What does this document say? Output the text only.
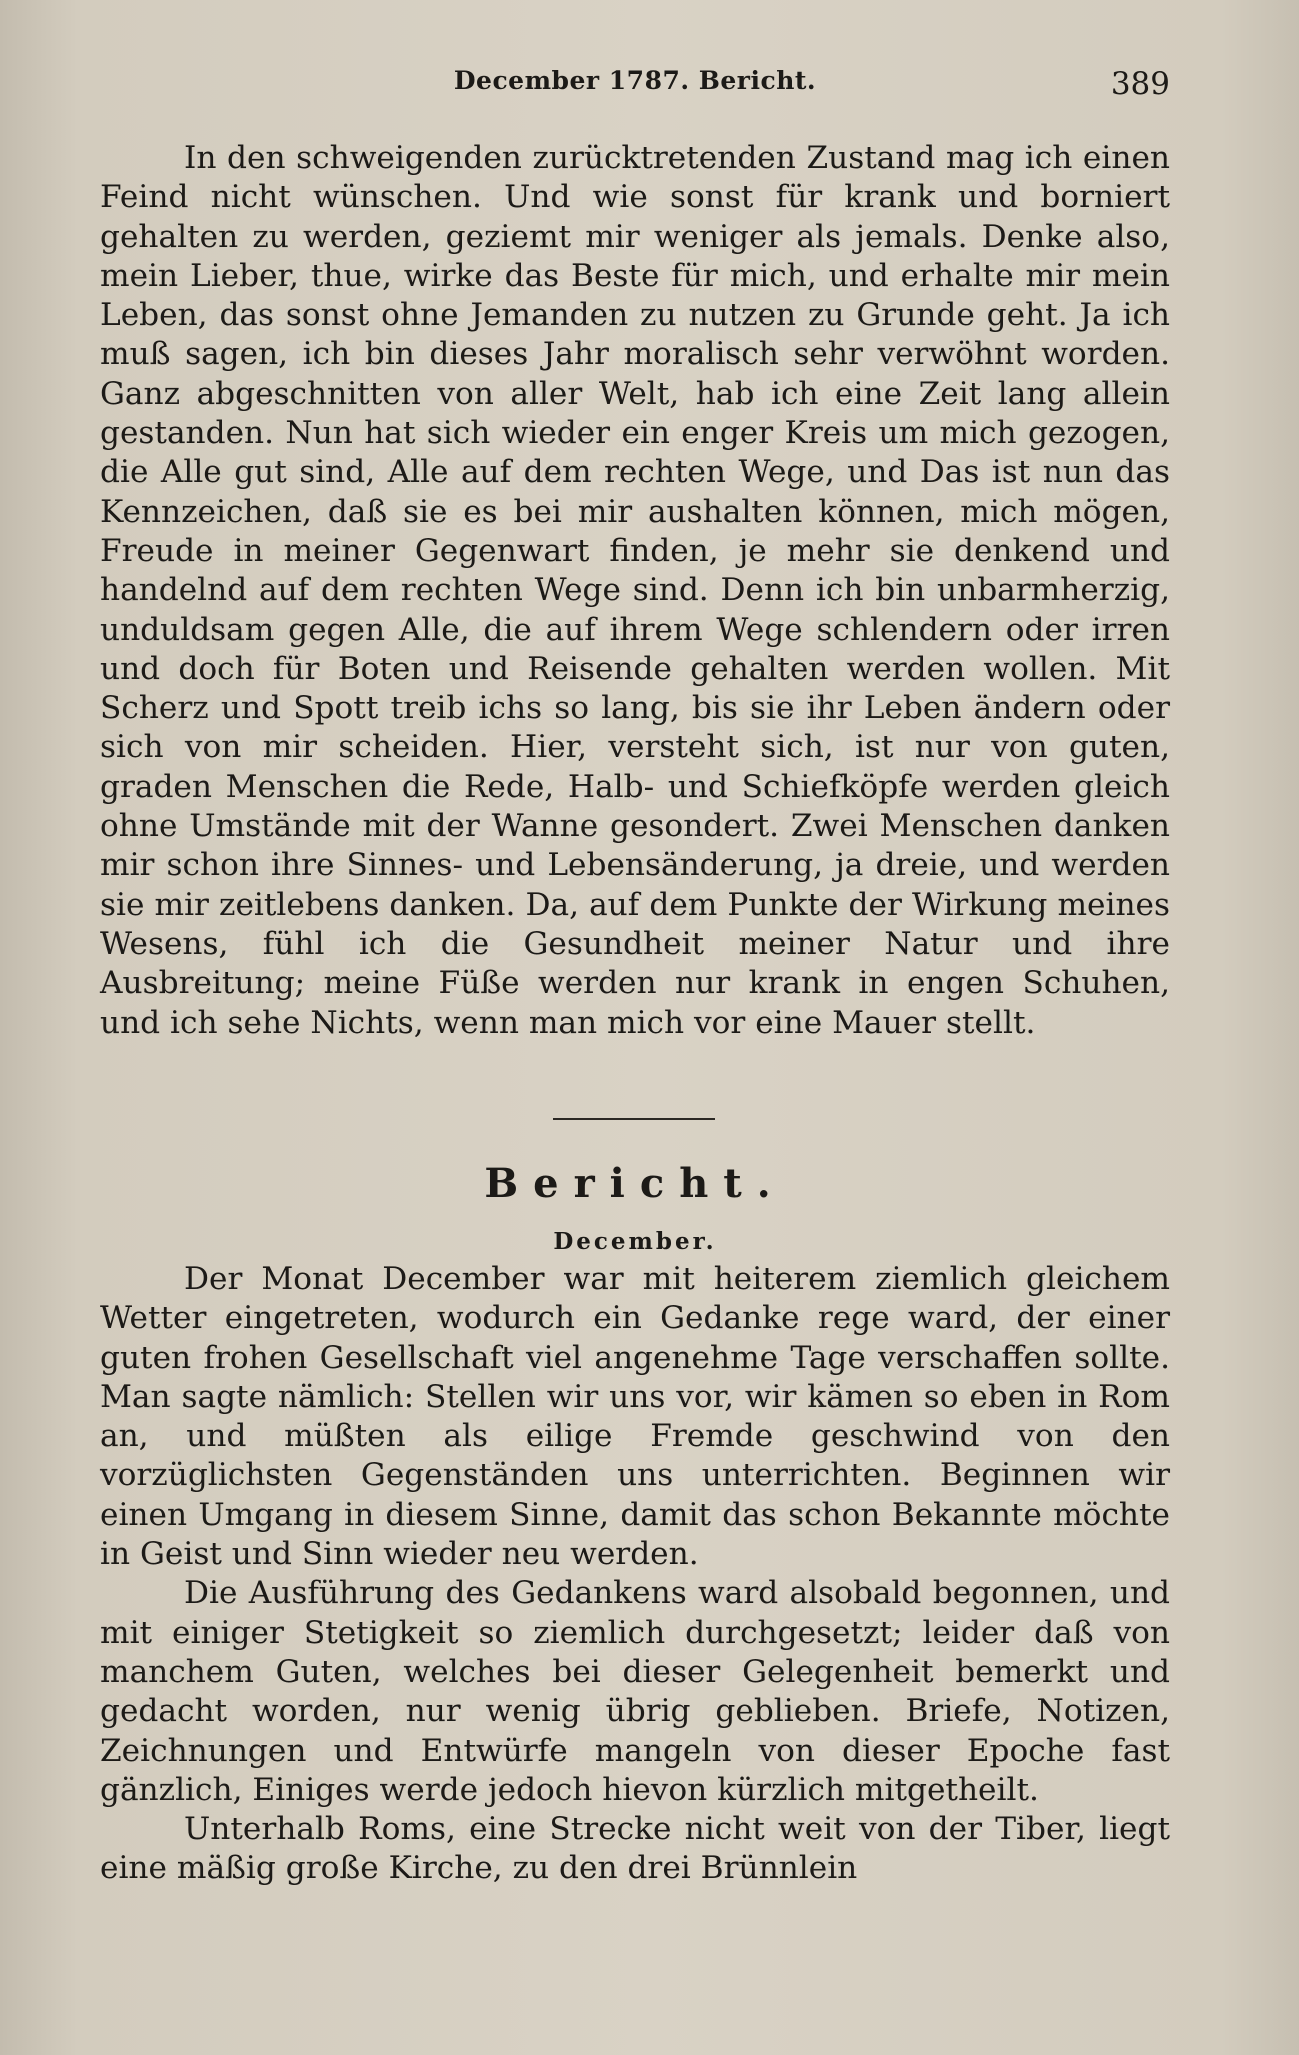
December 1787. Bericht.	389

In den schweigenden zurücktretenden Zustand mag ich einen Feind nicht wünschen. Und wie sonst für krank und borniert gehalten zu werden, geziemt mir weniger als jemals. Denke also, mein Lieber, thue, wirke das Beste für mich, und erhalte mir mein Leben, das sonst ohne Jemanden zu nutzen zu Grunde geht. Ja ich muß sagen, ich bin dieses Jahr moralisch sehr verwöhnt worden. Ganz abgeschnitten von aller Welt, hab ich eine Zeit lang allein gestanden. Nun hat sich wieder ein enger Kreis um mich gezogen, die Alle gut sind, Alle auf dem rechten Wege, und Das ist nun das Kennzeichen, daß sie es bei mir aushalten können, mich mögen, Freude in meiner Gegenwart finden, je mehr sie denkend und handelnd auf dem rechten Wege sind. Denn ich bin unbarmherzig, unduldsam gegen Alle, die auf ihrem Wege schlendern oder irren und doch für Boten und Reisende gehalten werden wollen. Mit Scherz und Spott treib ichs so lang, bis sie ihr Leben ändern oder sich von mir scheiden. Hier, versteht sich, ist nur von guten, graden Menschen die Rede, Halb- und Schiefköpfe werden gleich ohne Umstände mit der Wanne gesondert. Zwei Menschen danken mir schon ihre Sinnes- und Lebensänderung, ja dreie, und werden sie mir zeitlebens danken. Da, auf dem Punkte der Wirkung meines Wesens, fühl ich die Gesundheit meiner Natur und ihre Ausbreitung; meine Füße werden nur krank in engen Schuhen, und ich sehe Nichts, wenn man mich vor eine Mauer stellt.

Bericht.
December.

Der Monat December war mit heiterem ziemlich gleichem Wetter eingetreten, wodurch ein Gedanke rege ward, der einer guten frohen Gesellschaft viel angenehme Tage verschaffen sollte. Man sagte nämlich: Stellen wir uns vor, wir kämen so eben in Rom an, und müßten als eilige Fremde geschwind von den vorzüglichsten Gegenständen uns unterrichten. Beginnen wir einen Umgang in diesem Sinne, damit das schon Bekannte möchte in Geist und Sinn wieder neu werden.

Die Ausführung des Gedankens ward alsobald begonnen, und mit einiger Stetigkeit so ziemlich durchgesetzt; leider daß von manchem Guten, welches bei dieser Gelegenheit bemerkt und gedacht worden, nur wenig übrig geblieben. Briefe, Notizen, Zeichnungen und Entwürfe mangeln von dieser Epoche fast gänzlich, Einiges werde jedoch hievon kürzlich mitgetheilt.

Unterhalb Roms, eine Strecke nicht weit von der Tiber, liegt eine mäßig große Kirche, zu den drei Brünnlein
